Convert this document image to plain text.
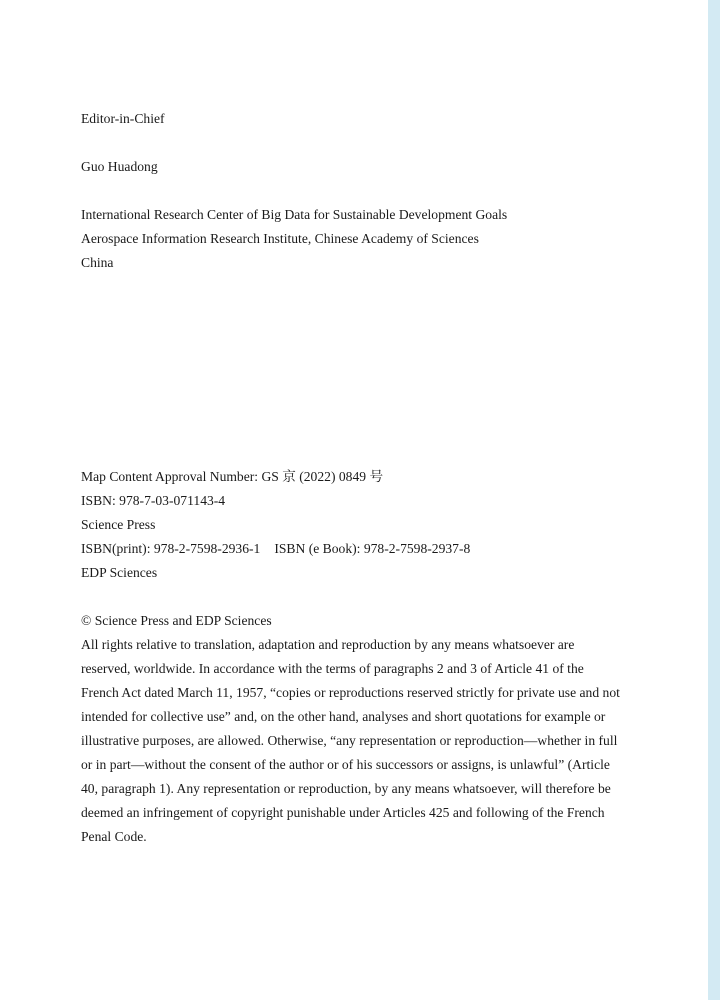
Editor-in-Chief
Guo Huadong
International Research Center of Big Data for Sustainable Development Goals
Aerospace Information Research Institute, Chinese Academy of Sciences
China
Map Content Approval Number: GS 京 (2022) 0849 号
ISBN: 978-7-03-071143-4
Science Press
ISBN(print): 978-2-7598-2936-1 ISBN (e Book): 978-2-7598-2937-8
EDP Sciences
© Science Press and EDP Sciences
All rights relative to translation, adaptation and reproduction by any means whatsoever are
reserved, worldwide. In accordance with the terms of paragraphs 2 and 3 of Article 41 of the
French Act dated March 11, 1957, “copies or reproductions reserved strictly for private use and not
intended for collective use” and, on the other hand, analyses and short quotations for example or
illustrative purposes, are allowed. Otherwise, “any representation or reproduction—whether in full
or in part—without the consent of the author or of his successors or assigns, is unlawful” (Article
40, paragraph 1). Any representation or reproduction, by any means whatsoever, will therefore be
deemed an infringement of copyright punishable under Articles 425 and following of the French
Penal Code.
